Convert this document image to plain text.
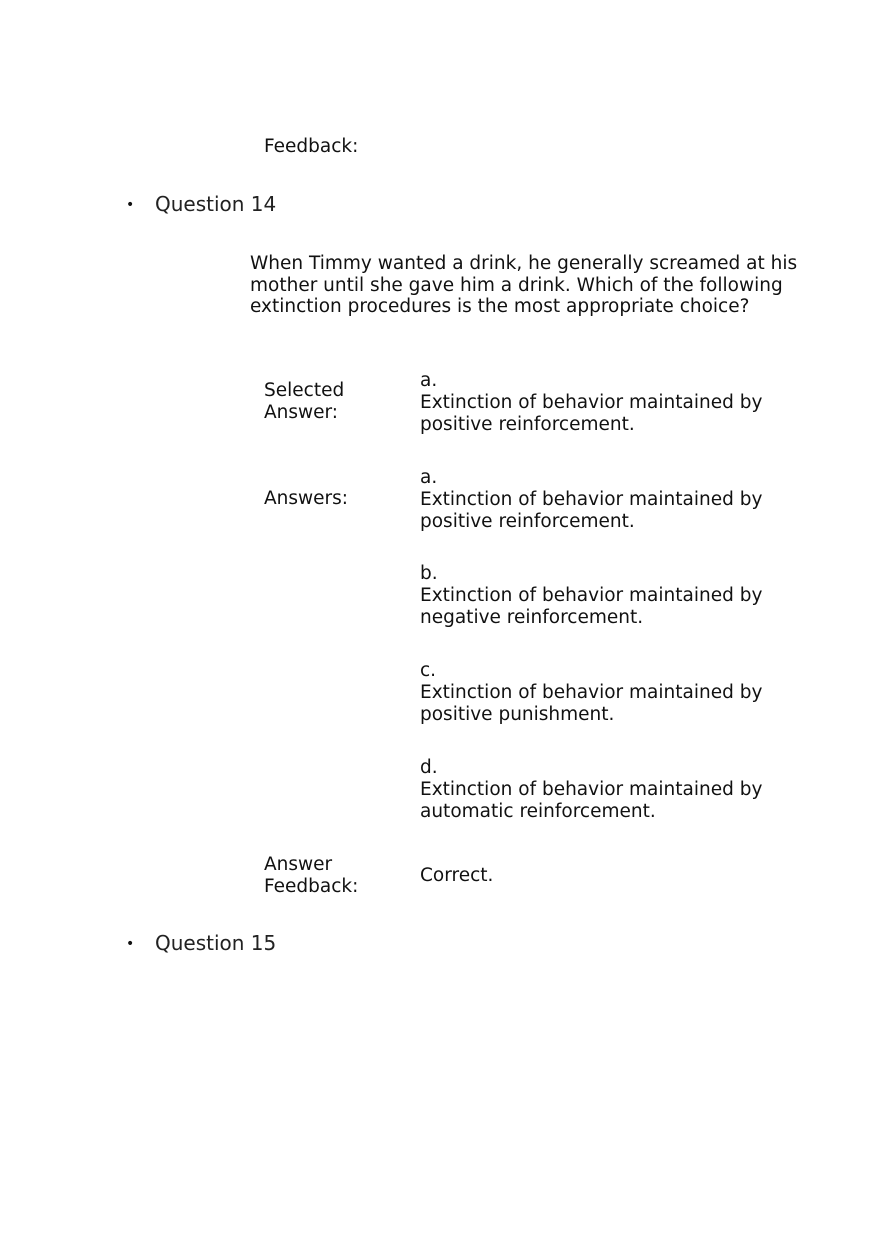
Feedback:
• Question 14
When Timmy wanted a drink, he generally screamed at his mother until she gave him a drink. Which of the following extinction procedures is the most appropriate choice?
Selected
Answer:
a.
Extinction of behavior maintained by
positive reinforcement.
Answers:
a.
Extinction of behavior maintained by
positive reinforcement.
b.
Extinction of behavior maintained by
negative reinforcement.
c.
Extinction of behavior maintained by
positive punishment.
d.
Extinction of behavior maintained by
automatic reinforcement.
Answer
Feedback:
Correct.
• Question 15
